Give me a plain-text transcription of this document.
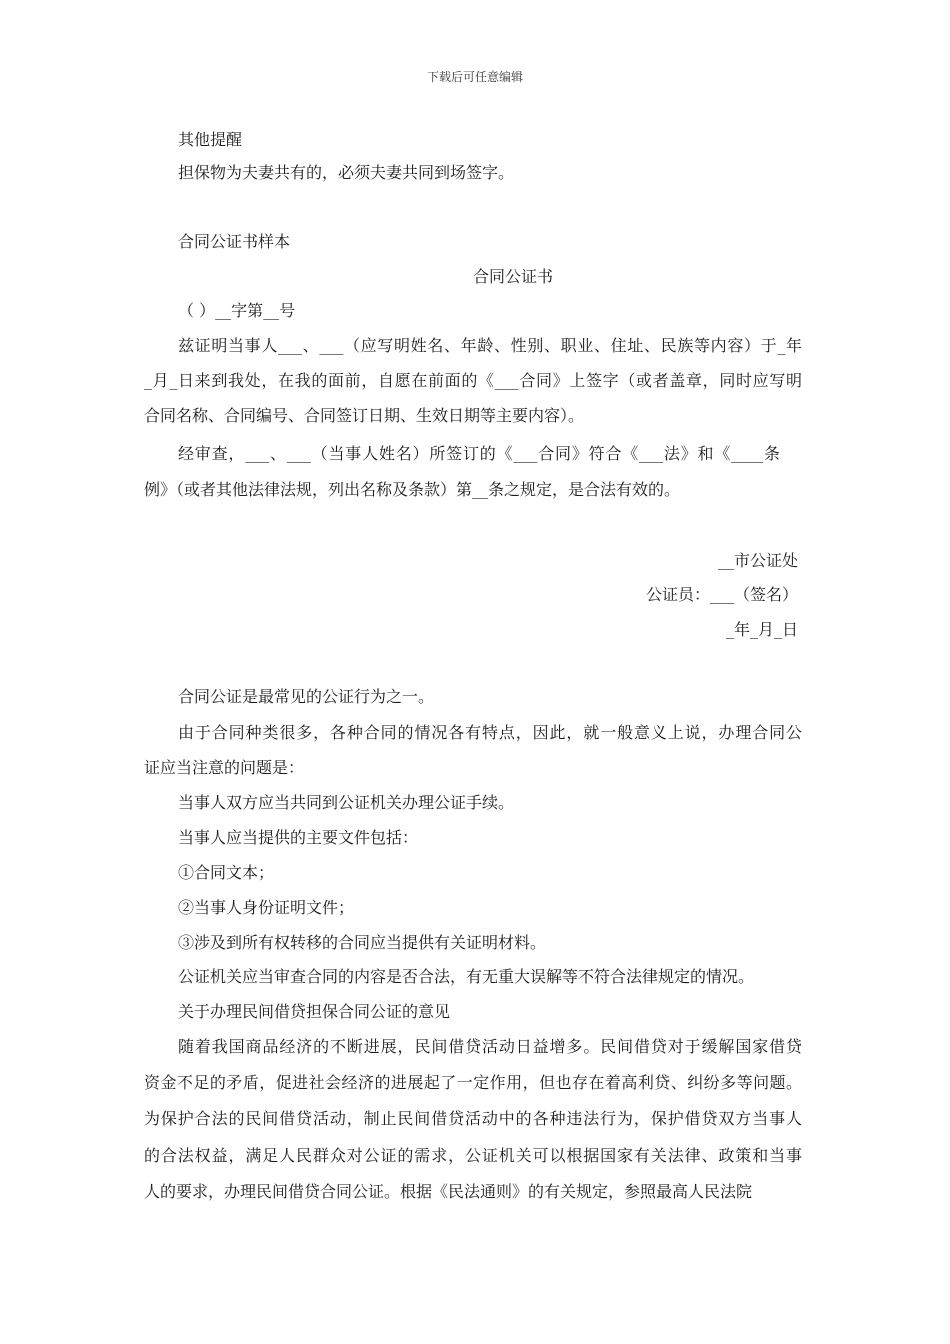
下载后可任意编辑
其他提醒
担保物为夫妻共有的，必须夫妻共同到场签字。
合同公证书样本
合同公证书
（ ）__字第__号
兹证明当事人___、___（应写明姓名、年龄、性别、职业、住址、民族等内容）于_年
_月_日来到我处，在我的面前，自愿在前面的《___合同》上签字（或者盖章，同时应写明
合同名称、合同编号、合同签订日期、生效日期等主要内容）。
经审查，___、___（当事人姓名）所签订的《___合同》符合《___法》和《____条
例》（或者其他法律法规，列出名称及条款）第__条之规定，是合法有效的。
__市公证处
公证员：___（签名）
_年_月_日
合同公证是最常见的公证行为之一。
由于合同种类很多，各种合同的情况各有特点，因此，就一般意义上说，办理合同公
证应当注意的问题是：
当事人双方应当共同到公证机关办理公证手续。
当事人应当提供的主要文件包括：
①合同文本；
②当事人身份证明文件；
③涉及到所有权转移的合同应当提供有关证明材料。
公证机关应当审查合同的内容是否合法，有无重大误解等不符合法律规定的情况。
关于办理民间借贷担保合同公证的意见
随着我国商品经济的不断进展，民间借贷活动日益增多。民间借贷对于缓解国家借贷
资金不足的矛盾，促进社会经济的进展起了一定作用，但也存在着高利贷、纠纷多等问题。
为保护合法的民间借贷活动，制止民间借贷活动中的各种违法行为，保护借贷双方当事人
的合法权益，满足人民群众对公证的需求，公证机关可以根据国家有关法律、政策和当事
人的要求，办理民间借贷合同公证。根据《民法通则》的有关规定，参照最高人民法院
